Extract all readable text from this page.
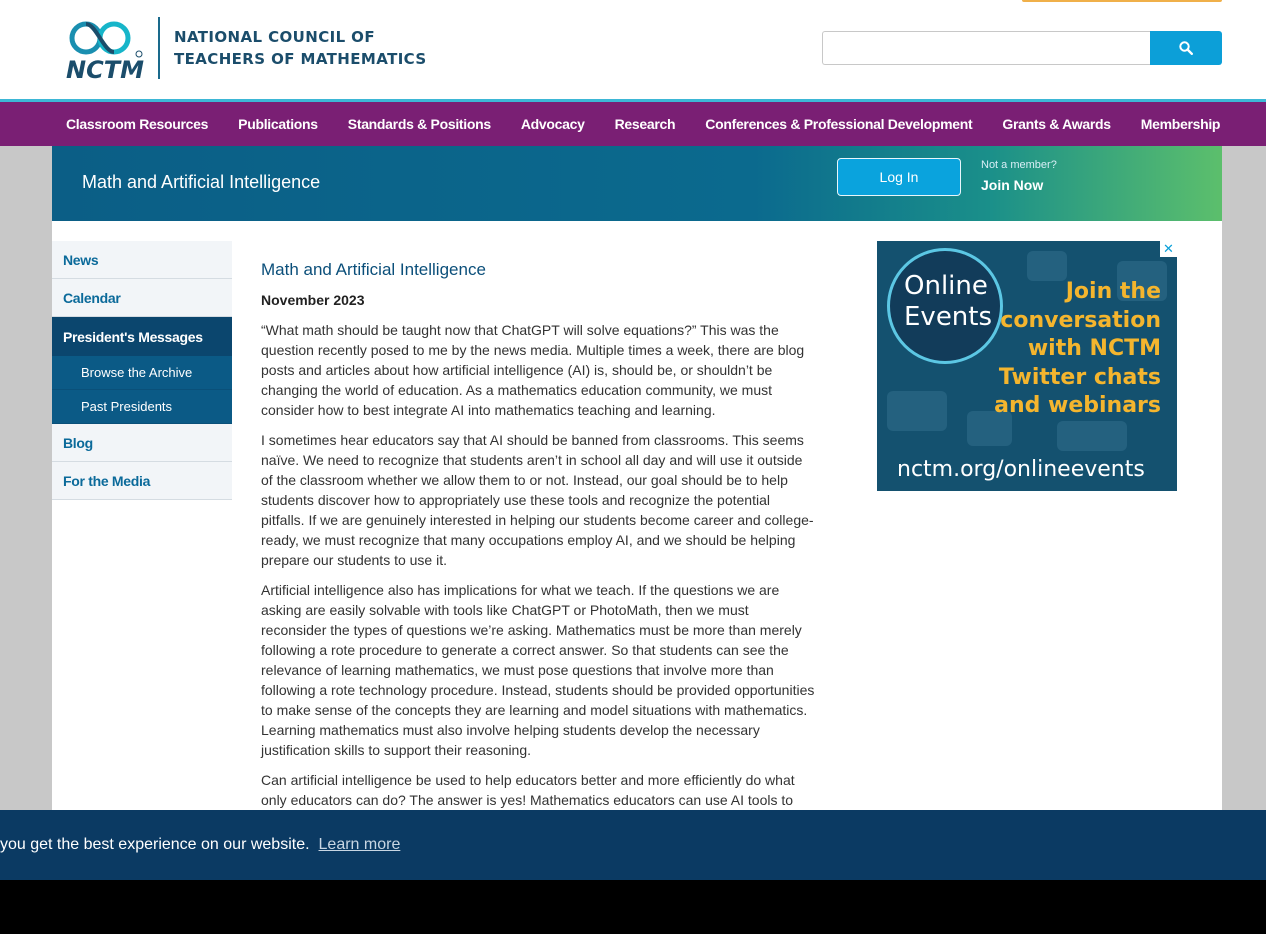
NCTM
NATIONAL COUNCIL OF
TEACHERS OF MATHEMATICS
Classroom Resources Publications Standards & Positions Advocacy Research Conferences & Professional Development Grants & Awards Membership
Math and Artificial Intelligence	Log In
Not a member?
Join Now
News
Calendar
President's Messages
Browse the Archive
Past Presidents
Blog
For the Media
Math and Artificial Intelligence
November 2023

“What math should be taught now that ChatGPT will solve equations?” This was the question recently posed to me by the news media. Multiple times a week, there are blog posts and articles about how artificial intelligence (AI) is, should be, or shouldn’t be changing the world of education. As a mathematics education community, we must consider how to best integrate AI into mathematics teaching and learning.

I sometimes hear educators say that AI should be banned from classrooms. This seems naïve. We need to recognize that students aren’t in school all day and will use it outside of the classroom whether we allow them to or not. Instead, our goal should be to help students discover how to appropriately use these tools and recognize the potential pitfalls. If we are genuinely interested in helping our students become career and college-ready, we must recognize that many occupations employ AI, and we should be helping prepare our students to use it.

Artificial intelligence also has implications for what we teach. If the questions we are asking are easily solvable with tools like ChatGPT or PhotoMath, then we must reconsider the types of questions we’re asking. Mathematics must be more than merely following a rote procedure to generate a correct answer. So that students can see the relevance of learning mathematics, we must pose questions that involve more than following a rote technology procedure. Instead, students should be provided opportunities to make sense of the concepts they are learning and model situations with mathematics. Learning mathematics must also involve helping students develop the necessary justification skills to support their reasoning.

Can artificial intelligence be used to help educators better and more efficiently do what only educators can do? The answer is yes! Mathematics educators can use AI tools to

Online
Events
Join the
conversation
with NCTM
Twitter chats
and webinars
nctm.org/onlineevents
✕
you get the best experience on our website. Learn more
